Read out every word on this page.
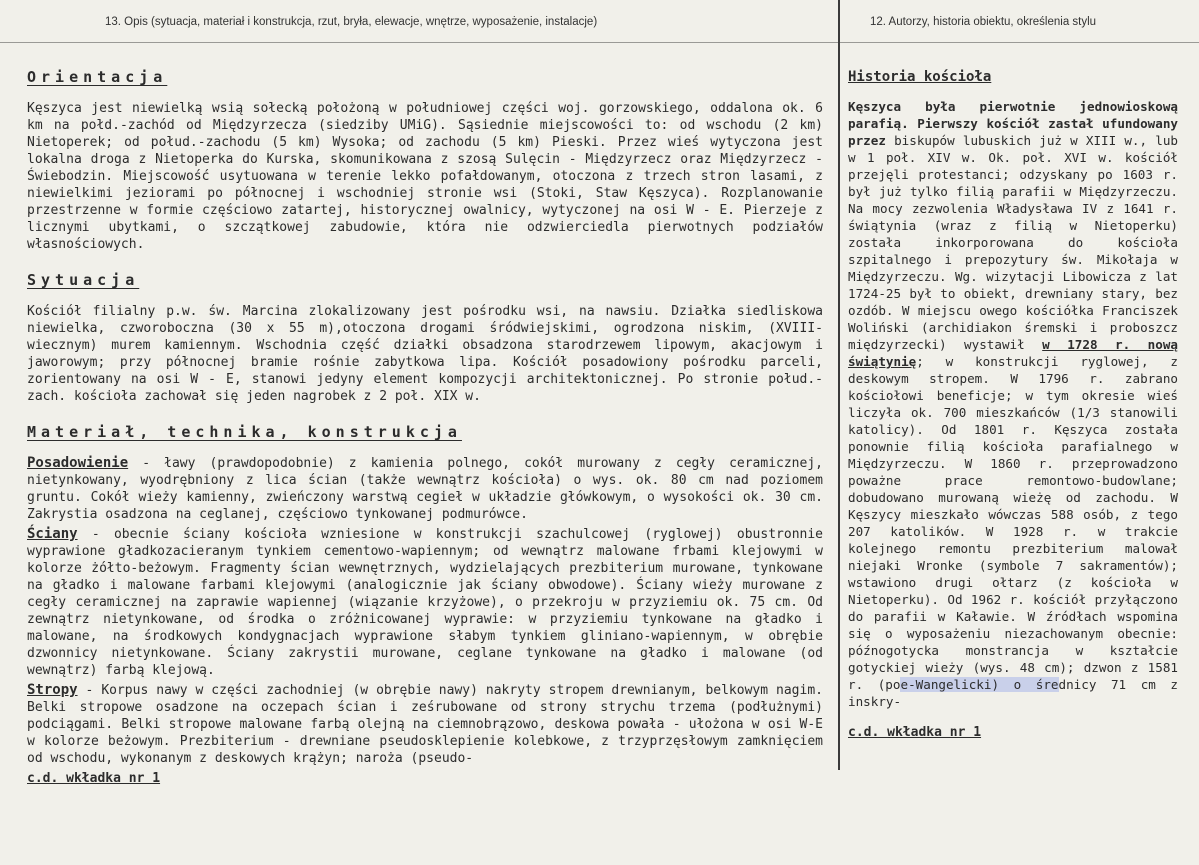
13. Opis (sytuacja, materiał i konstrukcja, rzut, bryła, elewacje, wnętrze, wyposażenie, instalacje)	12. Autorzy, historia obiektu, określenia stylu
Orientacja

Kęszyca jest niewielką wsią sołecką położoną w południowej części woj. gorzowskiego, oddalona ok. 6 km na połd.-zachód od Międzyrzecza (siedziby UMiG). Sąsiednie miejscowości to: od wschodu (2 km) Nietoperek; od połud.-zachodu (5 km) Wysoka; od zachodu (5 km) Pieski. Przez wieś wytyczona jest lokalna droga z Nietoperka do Kurska, skomunikowana z szosą Sulęcin - Międzyrzecz oraz Międzyrzecz - Świebodzin. Miejscowość usytuowana w terenie lekko pofałdowanym, otoczona z trzech stron lasami, z niewielkimi jeziorami po północnej i wschodniej stronie wsi (Stoki, Staw Kęszyca). Rozplanowanie przestrzenne w formie częściowo zatartej, historycznej owalnicy, wytyczonej na osi W - E. Pierzeje z licznymi ubytkami, o szczątkowej zabudowie, która nie odzwierciedla pierwotnych podziałów własnościowych.

Sytuacja

Kościół filialny p.w. św. Marcina zlokalizowany jest pośrodku wsi, na nawsiu. Działka siedliskowa niewielka, czworoboczna (30 x 55 m),otoczona drogami śródwiejskimi, ogrodzona niskim, (XVIII-wiecznym) murem kamiennym. Wschodnia część działki obsadzona starodrzewem lipowym, akacjowym i jaworowym; przy północnej bramie rośnie zabytkowa lipa. Kościół posadowiony pośrodku parceli, zorientowany na osi W - E, stanowi jedyny element kompozycji architektonicznej. Po stronie połud.-zach. kościoła zachował się jeden nagrobek z 2 poł. XIX w.

Materiał, technika, konstrukcja

Posadowienie - ławy (prawdopodobnie) z kamienia polnego, cokół murowany z cegły ceramicznej, nietynkowany, wyodrębniony z lica ścian (także wewnątrz kościoła) o wys. ok. 80 cm nad poziomem gruntu. Cokół wieży kamienny, zwieńczony warstwą cegieł w układzie główkowym, o wysokości ok. 30 cm. Zakrystia osadzona na ceglanej, częściowo tynkowanej podmurówce.

Ściany - obecnie ściany kościoła wzniesione w konstrukcji szachulcowej (ryglowej) obustronnie wyprawione gładkozacieranym tynkiem cementowo-wapiennym; od wewnątrz malowane frbami klejowymi w kolorze żółto-beżowym. Fragmenty ścian wewnętrznych, wydzielających prezbiterium murowane, tynkowane na gładko i malowane farbami klejowymi (analogicznie jak ściany obwodowe). Ściany wieży murowane z cegły ceramicznej na zaprawie wapiennej (wiązanie krzyżowe), o przekroju w przyziemiu ok. 75 cm. Od zewnątrz nietynkowane, od środka o zróżnicowanej wyprawie: w przyziemiu tynkowane na gładko i malowane, na środkowych kondygnacjach wyprawione słabym tynkiem gliniano-wapiennym, w obrębie dzwonnicy nietynkowane. Ściany zakrystii murowane, ceglane tynkowane na gładko i malowane (od wewnątrz) farbą klejową.

Stropy - Korpus nawy w części zachodniej (w obrębie nawy) nakryty stropem drewnianym, belkowym nagim. Belki stropowe osadzone na oczepach ścian i ześrubowane od strony strychu trzema (podłużnymi) podciągami. Belki stropowe malowane farbą olejną na ciemnobrązowo, deskowa powała - ułożona w osi W-E w kolorze beżowym. Prezbiterium - drewniane pseudosklepienie kolebkowe, z trzyprzęsłowym zamknięciem od wschodu, wykonanym z deskowych krążyn; naroża (pseudo-

c.d. wkładka nr 1
Historia kościoła

Kęszyca była pierwotnie jednowioskową parafią. Pierwszy kościół zastał ufundowany przez biskupów lubuskich już w XIII w., lub w 1 poł. XIV w. Ok. poł. XVI w. kościół przejęli protestanci; odzyskany po 1603 r. był już tylko filią parafii w Międzyrzeczu. Na mocy zezwolenia Władysława IV z 1641 r. świątynia (wraz z filią w Nietoperku) została inkorporowana do kościoła szpitalnego i prepozytury św. Mikołaja w Międzyrzeczu. Wg. wizytacji Libowicza z lat 1724-25 był to obiekt, drewniany stary, bez ozdób. W miejscu owego kościółka Franciszek Woliński (archidiakon śremski i proboszcz międzyrzecki) wystawił w 1728 r. nową świątynię; w konstrukcji ryglowej, z deskowym stropem. W 1796 r. zabrano kościołowi beneficje; w tym okresie wieś liczyła ok. 700 mieszkańców (1/3 stanowili katolicy). Od 1801 r. Kęszyca została ponownie filią kościoła parafialnego w Międzyrzeczu. W 1860 r. przeprowadzono poważne prace remontowo-budowlane; dobudowano murowaną wieżę od zachodu. W Kęszycy mieszkało wówczas 588 osób, z tego 207 katolików. W 1928 r. w trakcie kolejnego remontu prezbiterium malował niejaki Wronke (symbole 7 sakramentów); wstawiono drugi ołtarz (z kościoła w Nietoperku). Od 1962 r. kościół przyłączono do parafii w Kaławie. W źródłach wspomina się o wyposażeniu niezachowanym obecnie: późnogotycka monstrancja w kształcie gotyckiej wieży (wys. 48 cm); dzwon z 1581 r. (poe-Wangelicki) o średnicy 71 cm z inskry-

c.d. wkładka nr 1
